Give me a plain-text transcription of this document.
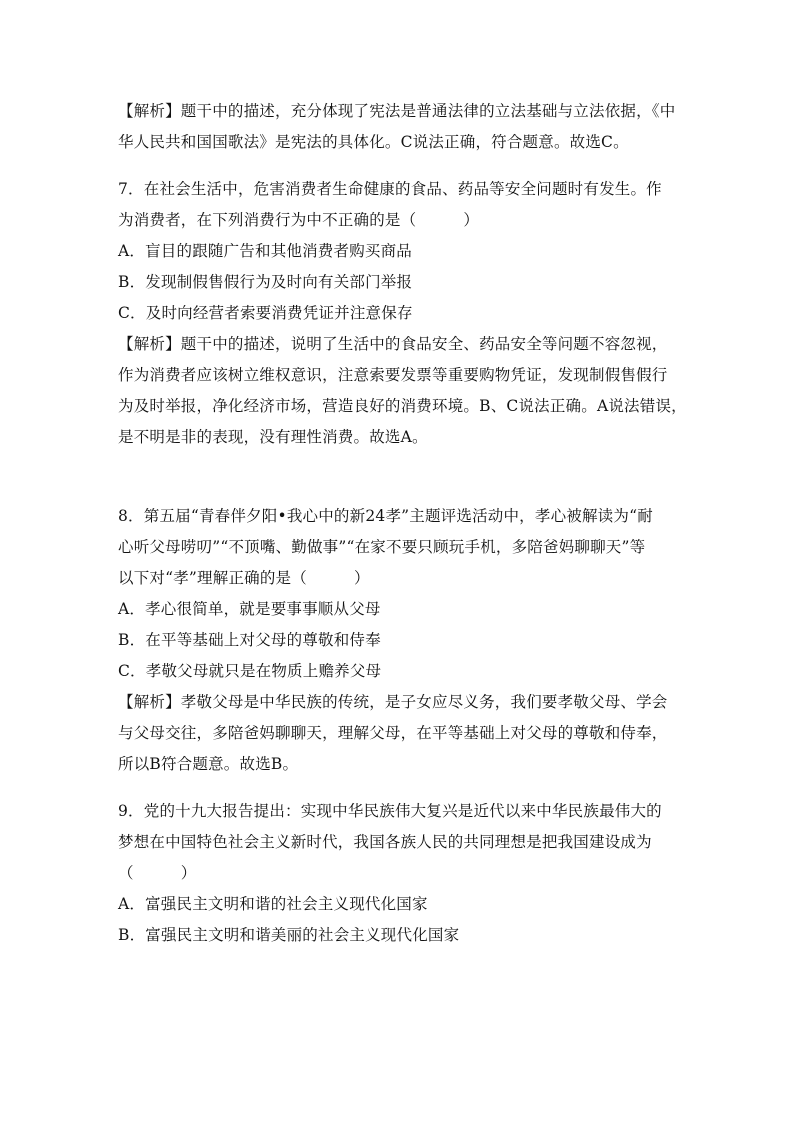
【解析】题干中的描述，充分体现了宪法是普通法律的立法基础与立法依据，《中
华人民共和国国歌法》是宪法的具体化。C说法正确，符合题意。故选C。
7．在社会生活中，危害消费者生命健康的食品、药品等安全问题时有发生。作
为消费者，在下列消费行为中不正确的是（　　　）
A．盲目的跟随广告和其他消费者购买商品
B．发现制假售假行为及时向有关部门举报
C．及时向经营者索要消费凭证并注意保存
【解析】题干中的描述，说明了生活中的食品安全、药品安全等问题不容忽视，
作为消费者应该树立维权意识，注意索要发票等重要购物凭证，发现制假售假行
为及时举报，净化经济市场，营造良好的消费环境。B、C说法正确。A说法错误，
是不明是非的表现，没有理性消费。故选A。
8．第五届“青春伴夕阳•我心中的新24孝”主题评选活动中，孝心被解读为“耐
心听父母唠叨”“不顶嘴、勤做事”“在家不要只顾玩手机，多陪爸妈聊聊天”等
以下对“孝”理解正确的是（　　　）
A．孝心很简单，就是要事事顺从父母
B．在平等基础上对父母的尊敬和侍奉
C．孝敬父母就只是在物质上赡养父母
【解析】孝敬父母是中华民族的传统，是子女应尽义务，我们要孝敬父母、学会
与父母交往，多陪爸妈聊聊天，理解父母，在平等基础上对父母的尊敬和侍奉，
所以B符合题意。故选B。
9．党的十九大报告提出：实现中华民族伟大复兴是近代以来中华民族最伟大的
梦想在中国特色社会主义新时代，我国各族人民的共同理想是把我国建设成为
（　　　）
A．富强民主文明和谐的社会主义现代化国家
B．富强民主文明和谐美丽的社会主义现代化国家
